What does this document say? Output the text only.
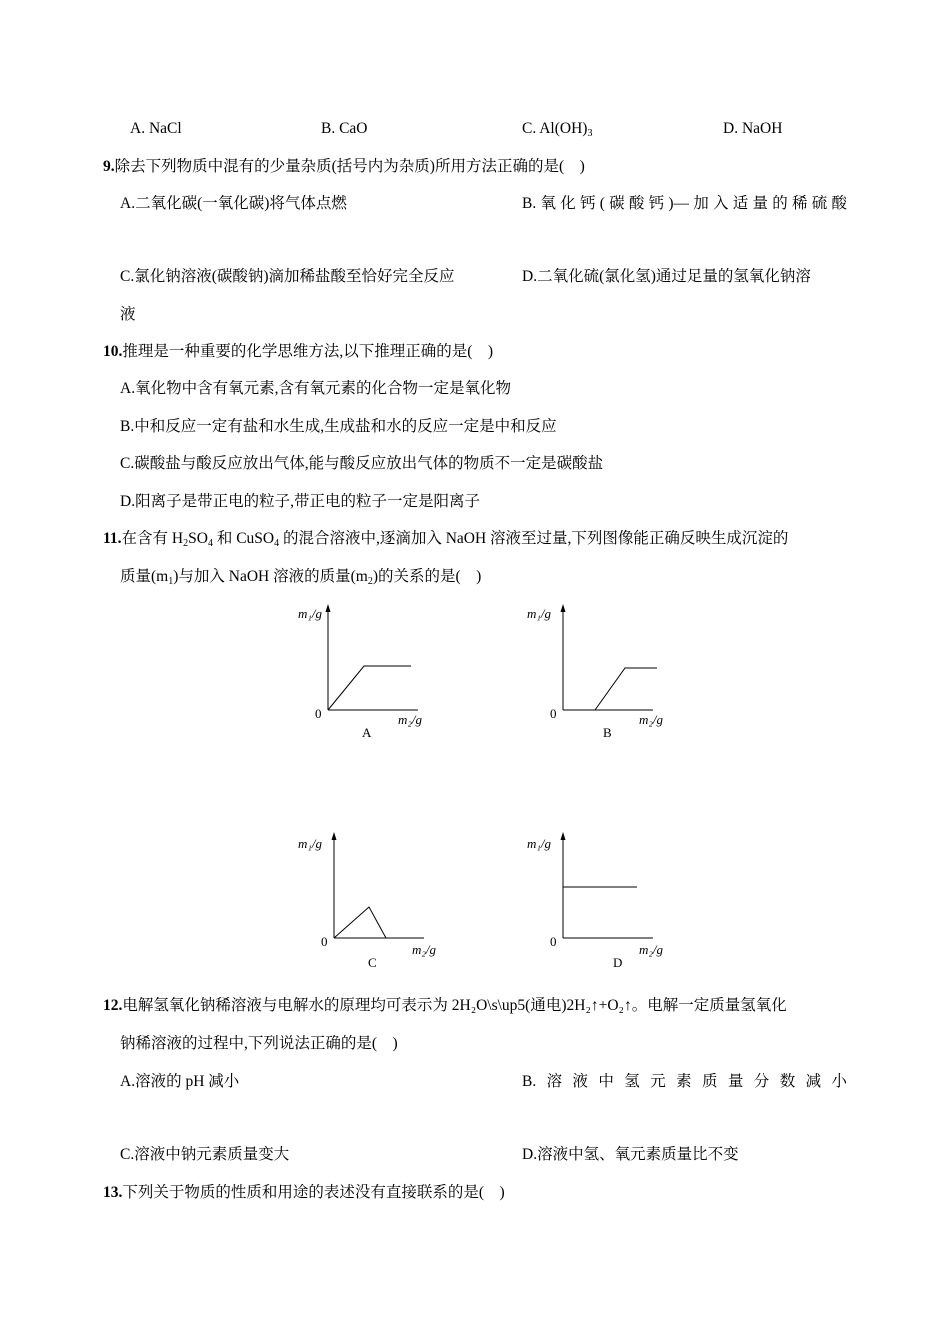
A. NaCl	B. CaO	C. $Al(OH)_3$	D. NaOH
9.除去下列物质中混有的少量杂质(括号内为杂质)所用方法正确的是(　)
A.二氧化碳(一氧化碳)将气体点燃	B.氧化钙(碳酸钙)—加入适量的稀硫酸
C.氯化钠溶液(碳酸钠)滴加稀盐酸至恰好完全反应	D.二氧化硫(氯化氢)通过足量的氢氧化钠溶
液
10.推理是一种重要的化学思维方法,以下推理正确的是(　)
A.氧化物中含有氧元素,含有氧元素的化合物一定是氧化物
B.中和反应一定有盐和水生成,生成盐和水的反应一定是中和反应
C.碳酸盐与酸反应放出气体,能与酸反应放出气体的物质不一定是碳酸盐
D.阳离子是带正电的粒子,带正电的粒子一定是阳离子
11.在含有 $H_2SO_4$ 和 CuSO$_4$ 的混合溶液中,逐滴加入 NaOH 溶液至过量,下列图像能正确反映生成沉淀的
质量$(m_1)$与加入 NaOH 溶液的质量$(m_2)$的关系的是(　)
m₁/g
0	m₂/g
A
m₁/g
0	m₂/g
B
m₁/g
0
m₂/g
C
m₁/g
0
m₂/g
D
12.电解氢氧化钠稀溶液与电解水的原理均可表示为 2H₂O\s\up5(通电)2H₂↑+O₂↑。电解一定质量氢氧化
钠稀溶液的过程中,下列说法正确的是(　)
A.溶液的 pH 减小	B.溶液中氢元素质量分数减小
C.溶液中钠元素质量变大	D.溶液中氢、氧元素质量比不变
13.下列关于物质的性质和用途的表述没有直接联系的是(　)
